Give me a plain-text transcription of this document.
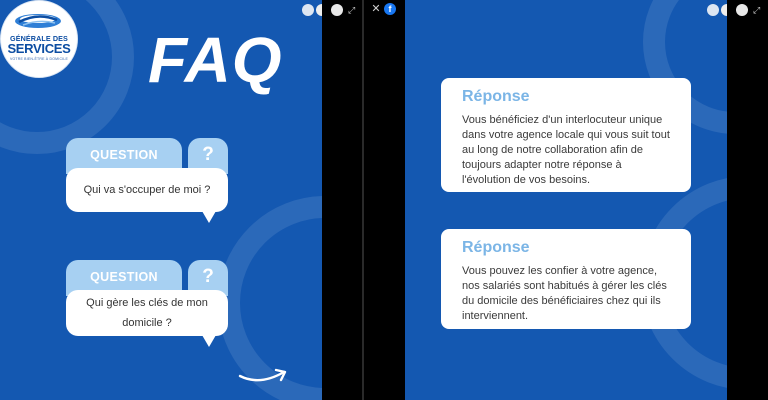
GÉNÉRALE DES
SERVICES
VOTRE BIEN-ÊTRE À DOMICILE FAQ
QUESTION	?
Qui va s'occuper de moi ?
QUESTION	?
Qui gère les clés de mon domicile ?
⤢ ✕ f
Réponse
Vous bénéficiez d'un interlocuteur unique dans votre agence locale qui vous suit tout au long de notre collaboration afin de toujours adapter notre réponse à l'évolution de vos besoins.
Réponse
Vous pouvez les confier à votre agence, nos salariés sont habitués à gérer les clés du domicile des bénéficiaires chez qui ils interviennent.
⤢
